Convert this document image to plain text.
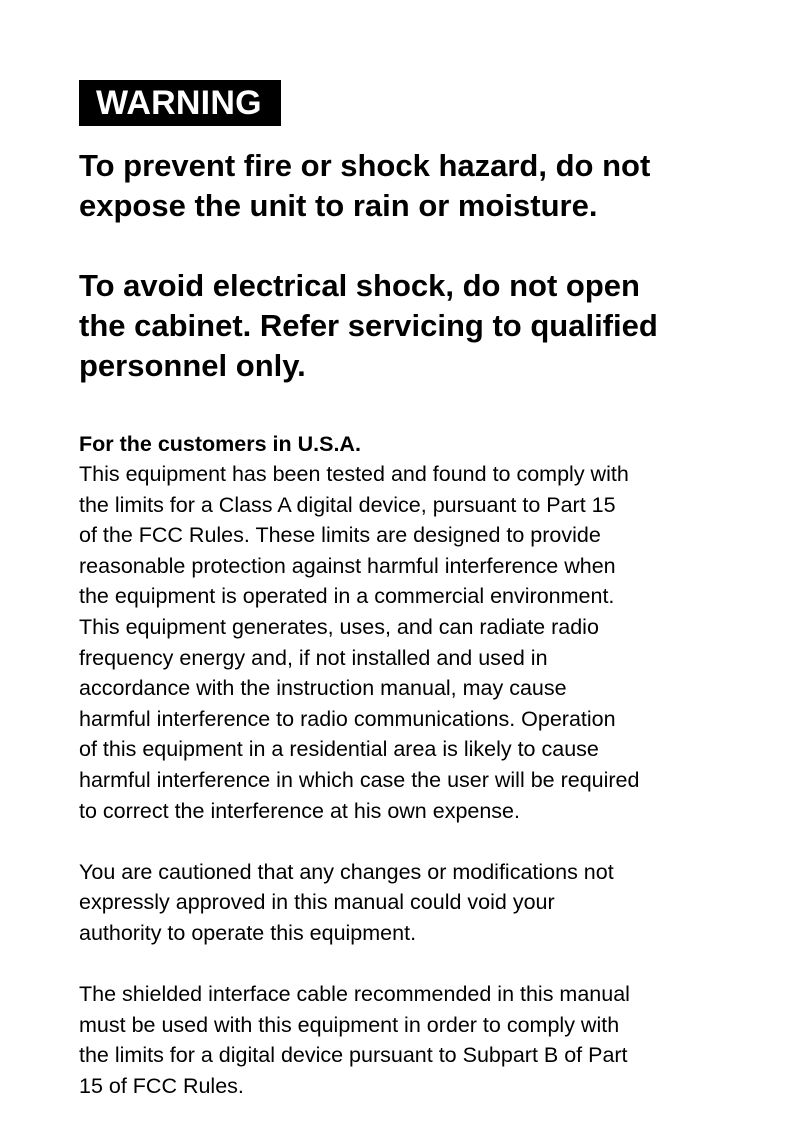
WARNING

To prevent fire or shock hazard, do not

expose the unit to rain or moisture.

To avoid electrical shock, do not open

the cabinet. Refer servicing to qualified

personnel only.

For the customers in U.S.A.

This equipment has been tested and found to comply with
the limits for a Class A digital device, pursuant to Part 15
of the FCC Rules. These limits are designed to provide
reasonable protection against harmful interference when
the equipment is operated in a commercial environment.
This equipment generates, uses, and can radiate radio
frequency energy and, if not installed and used in
accordance with the instruction manual, may cause
harmful interference to radio communications. Operation
of this equipment in a residential area is likely to cause
harmful interference in which case the user will be required
to correct the interference at his own expense.
You are cautioned that any changes or modifications not
expressly approved in this manual could void your
authority to operate this equipment.
The shielded interface cable recommended in this manual
must be used with this equipment in order to comply with
the limits for a digital device pursuant to Subpart B of Part
15 of FCC Rules.
